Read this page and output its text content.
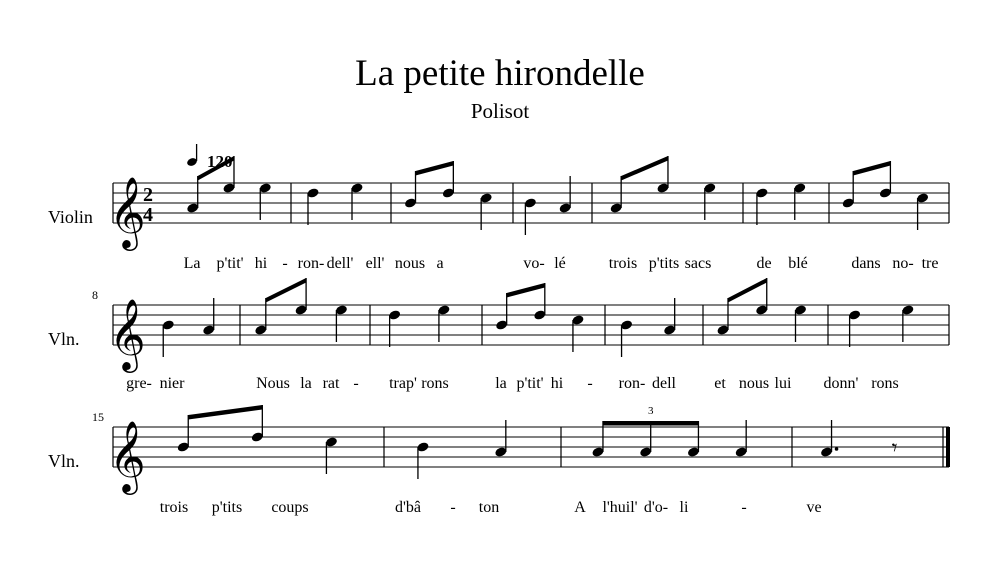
La petite hirondelle
Polisot
120
Violin 𝄞
2
4
La p'tit' hi - ron- dell' ell' nous a	vo- lé	trois p'tits sacs	de blé	dans no- tre
Vln.
8
𝄞
gre- nier	Nous la rat - trap' rons	la p'tit' hi - ron- dell et nous lui donn' rons
Vln.
15
𝄞
3
𝄾
trois p'tits coups	d'bâ - ton	A l'huil' d'o- li	-	ve
